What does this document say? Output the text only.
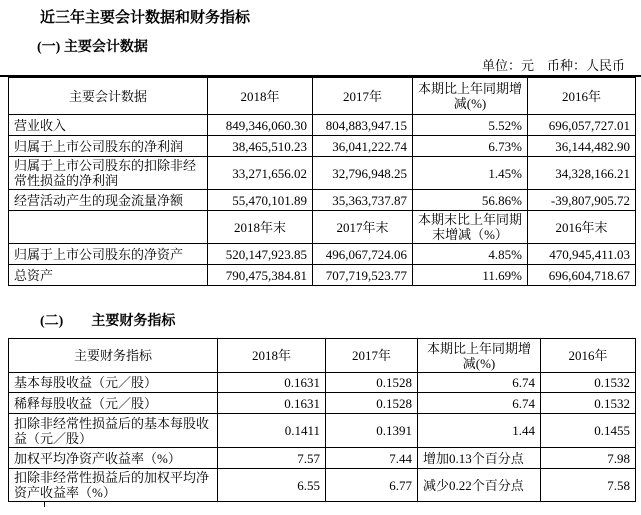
近三年主要会计数据和财务指标
(一) 主要会计数据
单位：元　币种：人民币
主要会计数据	2018年	2017年	本期比上年同期增减(%)	2016年
营业收入	849,346,060.30	804,883,947.15	5.52%	696,057,727.01
归属于上市公司股东的净利润	38,465,510.23	36,041,222.74	6.73%	36,144,482.90
归属于上市公司股东的扣除非经常性损益的净利润	33,271,656.02	32,796,948.25	1.45%	34,328,166.21
经营活动产生的现金流量净额	55,470,101.89	35,363,737.87	56.86%	-39,807,905.72
	2018年末	2017年末	本期末比上年同期末增减（%）	2016年末
归属于上市公司股东的净资产	520,147,923.85	496,067,724.06	4.85%	470,945,411.03
总资产	790,475,384.81	707,719,523.77	11.69%	696,604,718.67
(二) 主要财务指标
主要财务指标	2018年	2017年	本期比上年同期增减(%)	2016年
基本每股收益（元／股）	0.1631	0.1528	6.74	0.1532
稀释每股收益（元／股）	0.1631	0.1528	6.74	0.1532
扣除非经常性损益后的基本每股收益（元／股）	0.1411	0.1391	1.44	0.1455
加权平均净资产收益率（%）	7.57	7.44	增加0.13个百分点	7.98
扣除非经常性损益后的加权平均净资产收益率（%）	6.55	6.77	减少0.22个百分点	7.58
